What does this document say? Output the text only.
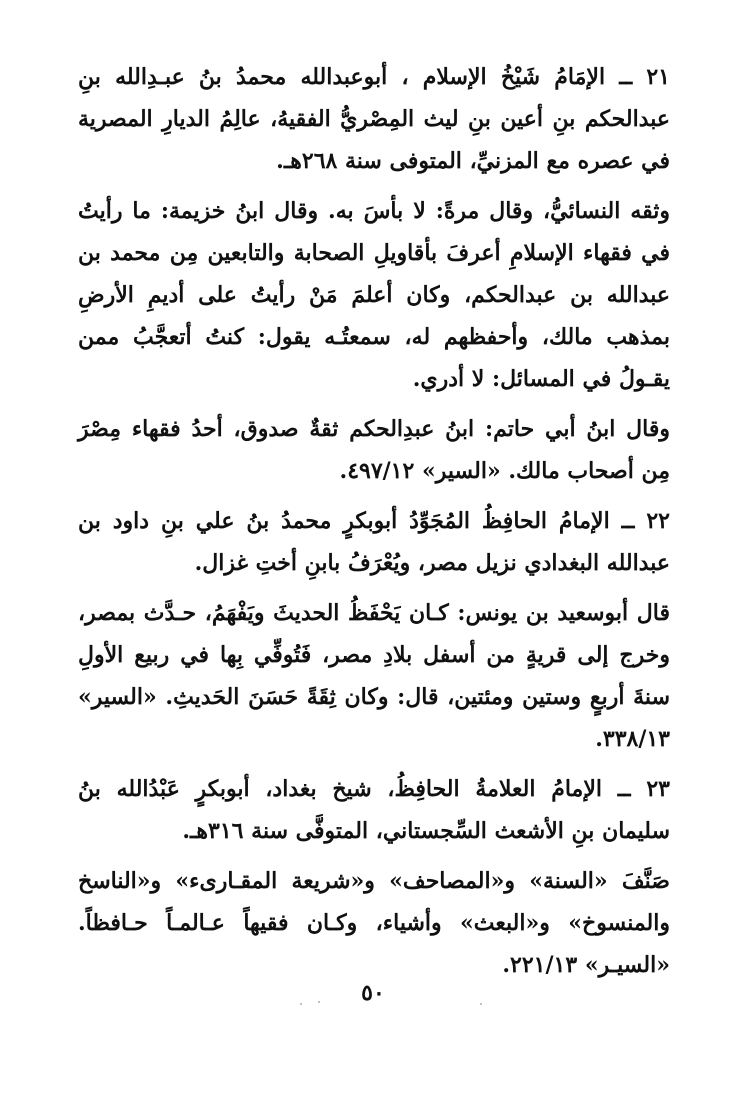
٢١ ــ الإمَامُ شَيْخُ الإسلام ، أبوعبدالله محمدُ بنُ عبـدِالله بنِ عبدالحكم بنِ أعين بنِ ليث المِصْريُّ الفقيهُ، عالِمُ الديارِ المصرية في عصره مع المزنيِّ، المتوفى سنة ٢٦٨هـ.

وثقه النسائيُّ، وقال مرةً: لا بأسَ به. وقال ابنُ خزيمة: ما رأيتُ في فقهاء الإسلامِ أعرفَ بأقاويلِ الصحابة والتابعين مِن محمد بن عبدالله بن عبدالحكم، وكان أعلمَ مَنْ رأيتُ على أديمِ الأرضِ بمذهب مالك، وأحفظهم له، سمعتُـه يقول: كنتُ أتعجَّبُ ممن يقـولُ في المسائل: لا أدري.

وقال ابنُ أبي حاتم: ابنُ عبدِالحكم ثقةٌ صدوق، أحدُ فقهاء مِصْرَ مِن أصحاب مالك. «السير» ٤٩٧/١٢.

٢٢ ــ الإمامُ الحافِظُ المُجَوِّدُ أبوبكرٍ محمدُ بنُ علي بنِ داود بن عبدالله البغدادي نزيل مصر، ويُعْرَفُ بابنِ أختِ غزال.

قال أبوسعيد بن يونس: كـان يَحْفَظُ الحديثَ ويَفْهَمُ، حـدَّث بمصر، وخرج إلى قريةٍ من أسفل بلادِ مصر، فَتُوفِّي بِها في ربيع الأولِ سنةَ أربعٍ وستين ومئتين، قال: وكان ثِقَةً حَسَنَ الحَديثِ. «السير» ٣٣٨/١٣.

٢٣ ــ الإمامُ العلامةُ الحافِظُ، شيخ بغداد، أبوبكرٍ عَبْدُالله بنُ سليمان بنِ الأشعث السِّجستاني، المتوفَّى سنة ٣١٦هـ.

صَنَّفَ «السنة» و«المصاحف» و«شريعة المقـارىء» و«الناسخ والمنسوخ» و«البعث» وأشياء، وكـان فقيهاً عـالمـاً حـافظاً. «السيـر» ٢٢١/١٣.

٥٠
